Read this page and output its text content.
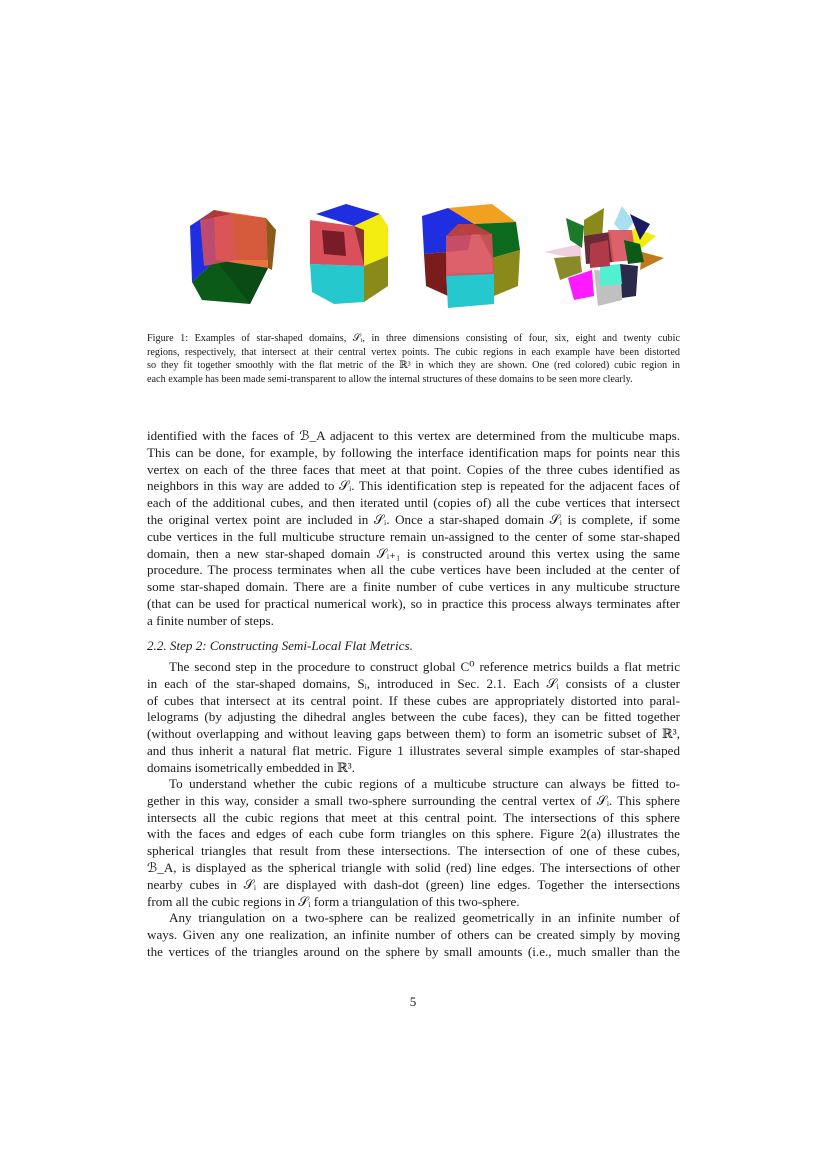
Figure 1: Examples of star-shaped domains, 𝒮ᵢ, in three dimensions consisting of four, six, eight and twenty cubic
regions, respectively, that intersect at their central vertex points. The cubic regions in each example have been distorted
so they fit together smoothly with the flat metric of the ℝ³ in which they are shown. One (red colored) cubic region in
each example has been made semi-transparent to allow the internal structures of these domains to be seen more clearly.
identified with the faces of ℬ_A adjacent to this vertex are determined from the multicube maps.
This can be done, for example, by following the interface identification maps for points near this
vertex on each of the three faces that meet at that point. Copies of the three cubes identified as
neighbors in this way are added to 𝒮ᵢ. This identification step is repeated for the adjacent faces of
each of the additional cubes, and then iterated until (copies of) all the cube vertices that intersect
the original vertex point are included in 𝒮ᵢ. Once a star-shaped domain 𝒮ᵢ is complete, if some
cube vertices in the full multicube structure remain un-assigned to the center of some star-shaped
domain, then a new star-shaped domain 𝒮ᵢ₊₁ is constructed around this vertex using the same
procedure. The process terminates when all the cube vertices have been included at the center of
some star-shaped domain. There are a finite number of cube vertices in any multicube structure
(that can be used for practical numerical work), so in practice this process always terminates after
a finite number of steps.
2.2. Step 2: Constructing Semi-Local Flat Metrics.
The second step in the procedure to construct global C⁰ reference metrics builds a flat metric
in each of the star-shaped domains, Sᵢ, introduced in Sec. 2.1. Each 𝒮ᵢ consists of a cluster
of cubes that intersect at its central point. If these cubes are appropriately distorted into paral-
lelograms (by adjusting the dihedral angles between the cube faces), they can be fitted together
(without overlapping and without leaving gaps between them) to form an isometric subset of ℝ³,
and thus inherit a natural flat metric. Figure 1 illustrates several simple examples of star-shaped
domains isometrically embedded in ℝ³.
To understand whether the cubic regions of a multicube structure can always be fitted to-
gether in this way, consider a small two-sphere surrounding the central vertex of 𝒮ᵢ. This sphere
intersects all the cubic regions that meet at this central point. The intersections of this sphere
with the faces and edges of each cube form triangles on this sphere. Figure 2(a) illustrates the
spherical triangles that result from these intersections. The intersection of one of these cubes,
ℬ_A, is displayed as the spherical triangle with solid (red) line edges. The intersections of other
nearby cubes in 𝒮ᵢ are displayed with dash-dot (green) line edges. Together the intersections
from all the cubic regions in 𝒮ᵢ form a triangulation of this two-sphere.
Any triangulation on a two-sphere can be realized geometrically in an infinite number of
ways. Given any one realization, an infinite number of others can be created simply by moving
the vertices of the triangles around on the sphere by small amounts (i.e., much smaller than the
5
